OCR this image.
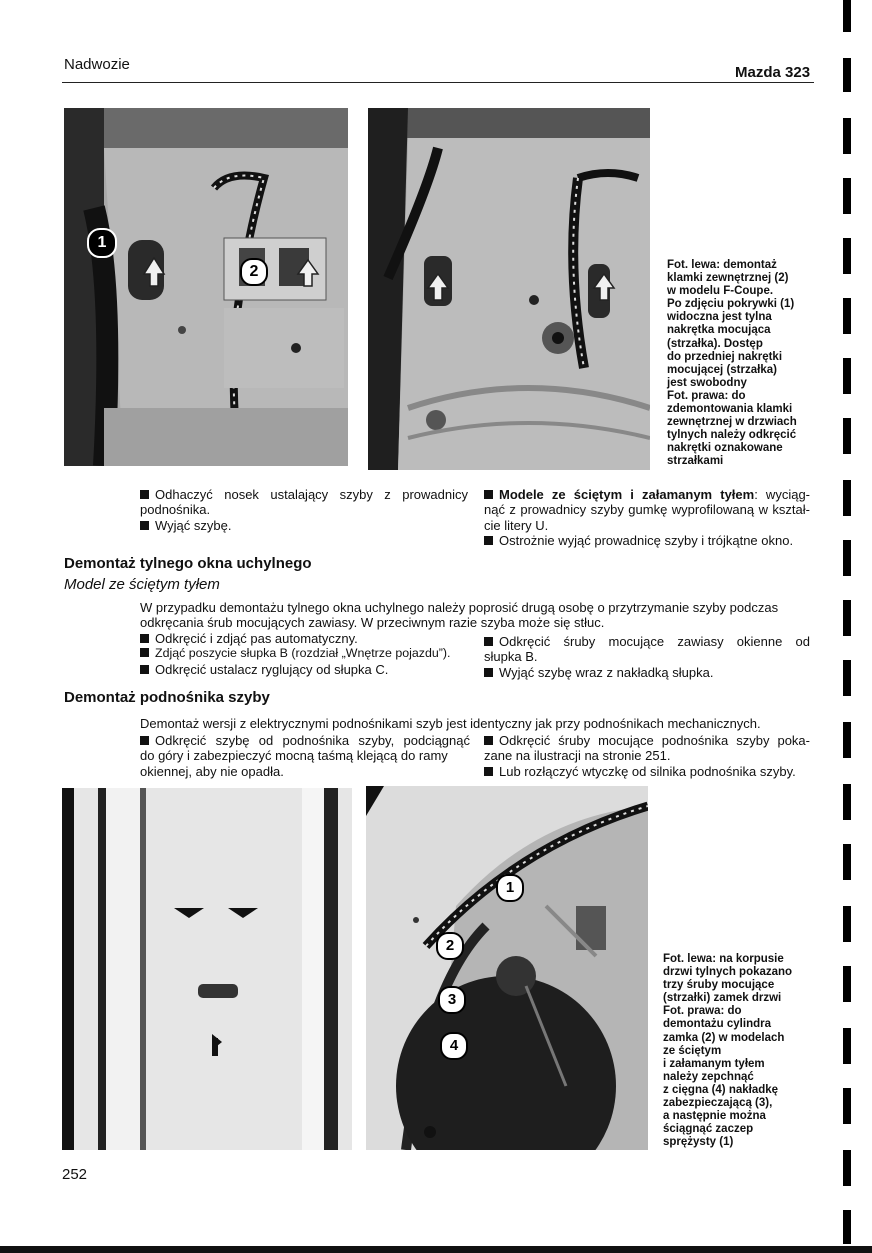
Nadwozie	Mazda 323
1
2	Fot. lewa: demontaż
klamki zewnętrznej (2)
w modelu F-Coupe.
Po zdjęciu pokrywki (1)
widoczna jest tylna
nakrętka mocująca
(strzałka). Dostęp
do przedniej nakrętki
mocującej (strzałka)
jest swobodny
Fot. prawa: do
zdemontowania klamki
zewnętrznej w drzwiach
tylnych należy odkręcić
nakrętki oznakowane
strzałkami

Odhaczyć nosek ustalający szyby z prowadnicy

podnośnika.

Wyjąć szybę.

Modele ze ściętym i załamanym tyłem: wyciąg-

nąć z prowadnicy szyby gumkę wyprofilowaną w kształ-

cie litery U.

Ostrożnie wyjąć prowadnicę szyby i trójkątne okno.

Demontaż tylnego okna uchylnego
Model ze ściętym tyłem

W przypadku demontażu tylnego okna uchylnego należy poprosić drugą osobę o przytrzymanie szyby podczas

odkręcania śrub mocujących zawiasy. W przeciwnym razie szyba może się stłuc.

Odkręcić i zdjąć pas automatyczny.

Zdjąć poszycie słupka B (rozdział „Wnętrze pojazdu”).

Odkręcić ustalacz ryglujący od słupka C.

Odkręcić śruby mocujące zawiasy okienne od

słupka B.

Wyjąć szybę wraz z nakładką słupka.

Demontaż podnośnika szyby
Demontaż wersji z elektrycznymi podnośnikami szyb jest identyczny jak przy podnośnikach mechanicznych.

Odkręcić szybę od podnośnika szyby, podciągnąć

do góry i zabezpieczyć mocną taśmą klejącą do ramy

okiennej, aby nie opadła.

Odkręcić śruby mocujące podnośnika szyby poka-

zane na ilustracji na stronie 251.

Lub rozłączyć wtyczkę od silnika podnośnika szyby.

1
2
3
4
Fot. lewa: na korpusie
drzwi tylnych pokazano
trzy śruby mocujące
(strzałki) zamek drzwi
Fot. prawa: do
demontażu cylindra
zamka (2) w modelach
ze ściętym
i załamanym tyłem
należy zepchnąć
z cięgna (4) nakładkę
zabezpieczającą (3),
a następnie można
ściągnąć zaczep
sprężysty (1)
252
